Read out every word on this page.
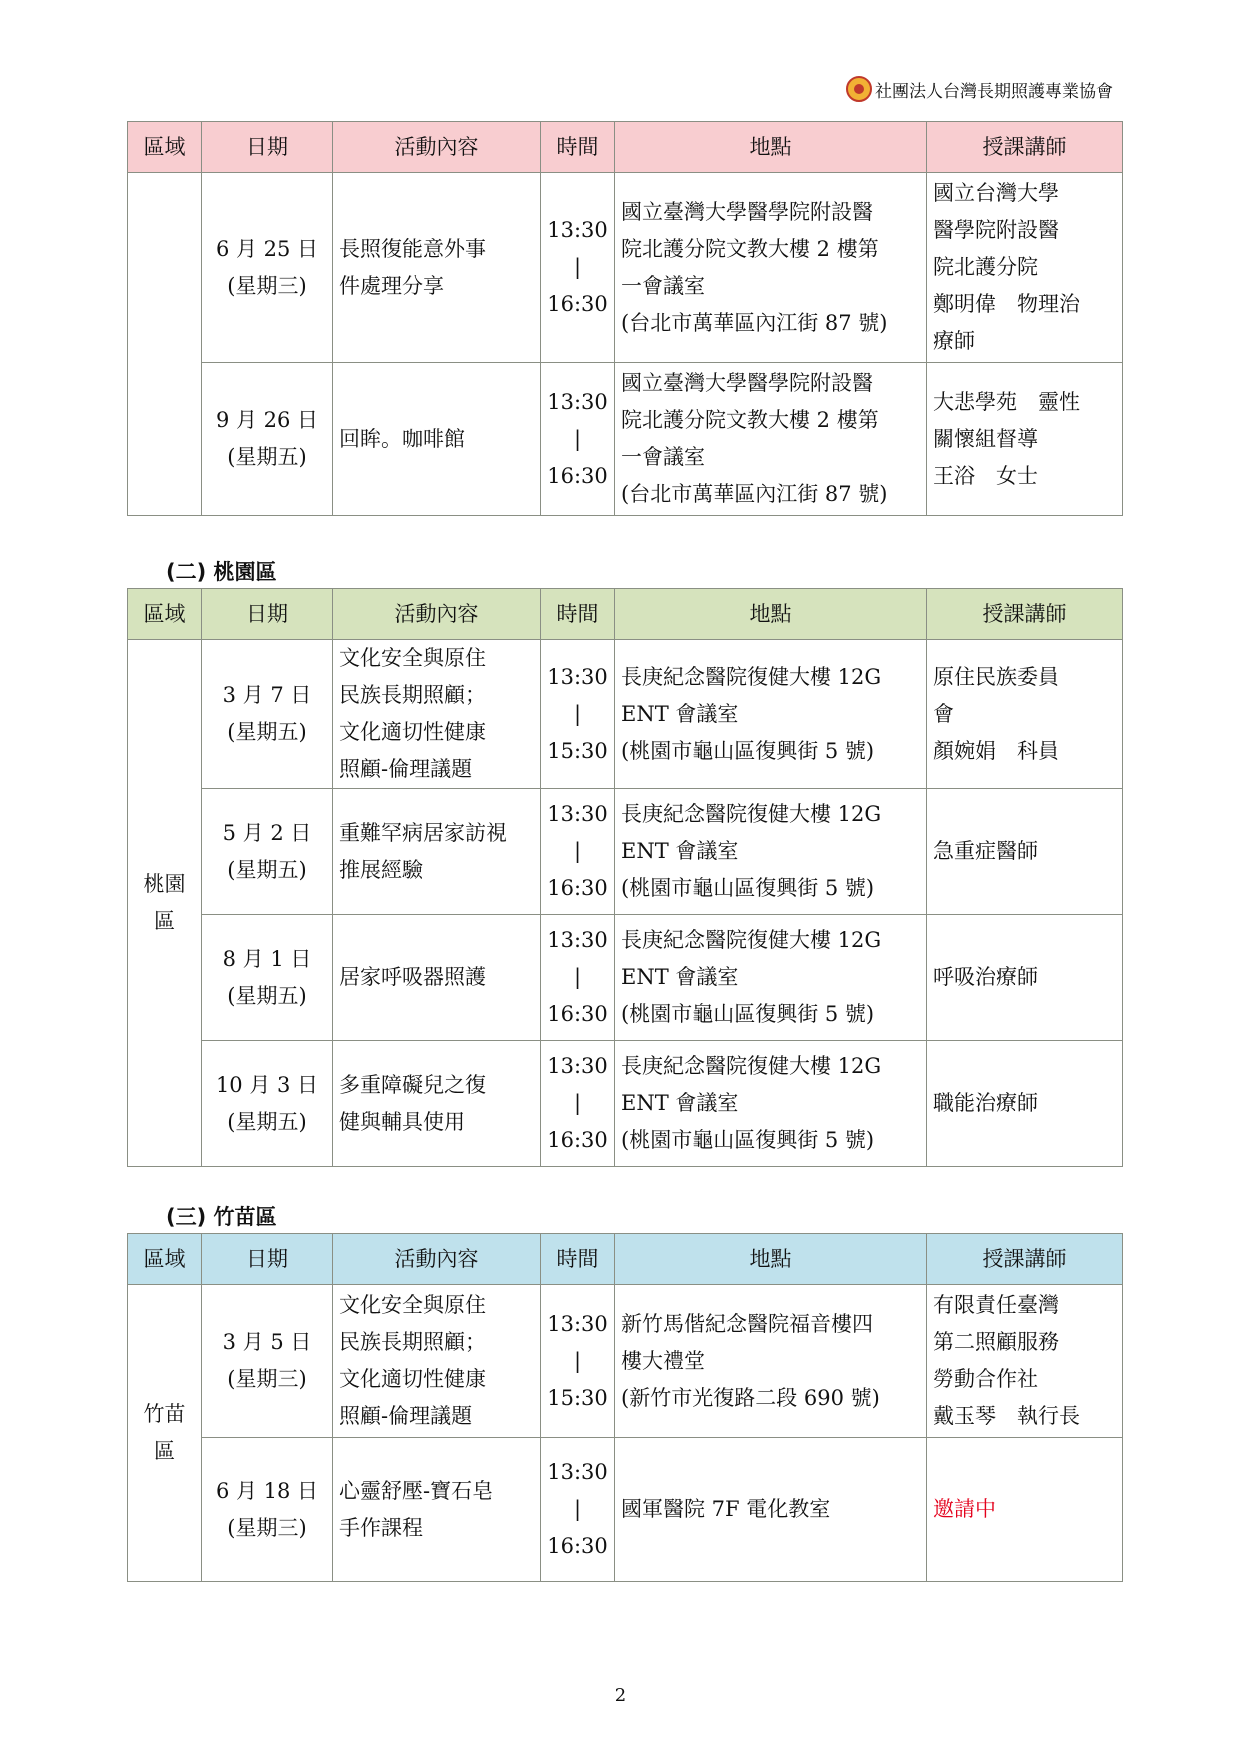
社團法人台灣長期照護專業協會
區域	日期	活動內容	時間	地點	授課講師

	6 月 25 日
(星期三)	長照復能意外事
件處理分享	13:30
|
16:30	國立臺灣大學醫學院附設醫
院北護分院文教大樓 2 樓第
一會議室
(台北市萬華區內江街 87 號)	國立台灣大學
醫學院附設醫
院北護分院
鄭明偉　物理治
療師

	9 月 26 日
(星期五)	回眸。咖啡館	13:30
|
16:30	國立臺灣大學醫學院附設醫
院北護分院文教大樓 2 樓第
一會議室
(台北市萬華區內江街 87 號)	大悲學苑　靈性
關懷組督導
王浴　女士
(二) 桃園區
區域	日期	活動內容	時間	地點	授課講師

桃園
區	3 月 7 日
(星期五)	文化安全與原住
民族長期照顧；
文化適切性健康
照顧-倫理議題	13:30
|
15:30	長庚紀念醫院復健大樓 12G
ENT 會議室
(桃園市龜山區復興街 5 號)	原住民族委員
會
顏婉娟　科員

	5 月 2 日
(星期五)	重難罕病居家訪視
推展經驗	13:30
|
16:30	長庚紀念醫院復健大樓 12G
ENT 會議室
(桃園市龜山區復興街 5 號)	急重症醫師

	8 月 1 日
(星期五)	居家呼吸器照護	13:30
|
16:30	長庚紀念醫院復健大樓 12G
ENT 會議室
(桃園市龜山區復興街 5 號)	呼吸治療師

	10 月 3 日
(星期五)	多重障礙兒之復
健與輔具使用	13:30
|
16:30	長庚紀念醫院復健大樓 12G
ENT 會議室
(桃園市龜山區復興街 5 號)	職能治療師
(三) 竹苗區
區域	日期	活動內容	時間	地點	授課講師

竹苗
區	3 月 5 日
(星期三)	文化安全與原住
民族長期照顧；
文化適切性健康
照顧-倫理議題	13:30
|
15:30	新竹馬偕紀念醫院福音樓四
樓大禮堂
(新竹市光復路二段 690 號)	有限責任臺灣
第二照顧服務
勞動合作社
戴玉琴　執行長

	6 月 18 日
(星期三)	心靈舒壓-寶石皂
手作課程	13:30
|
16:30	國軍醫院 7F 電化教室	邀請中
2
